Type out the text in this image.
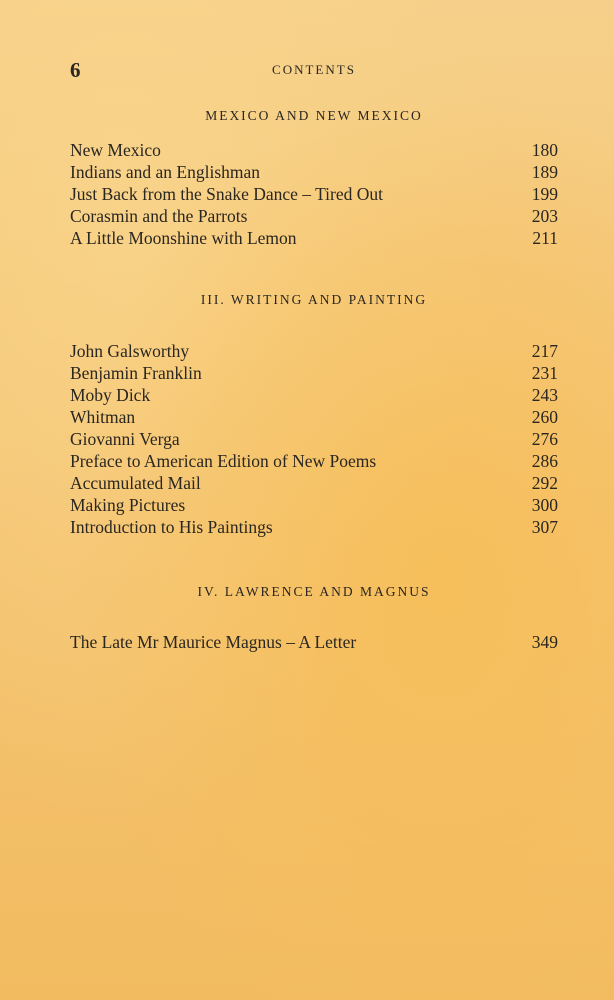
6	CONTENTS
MEXICO AND NEW MEXICO
New Mexico	180
Indians and an Englishman	189
Just Back from the Snake Dance – Tired Out	199
Corasmin and the Parrots	203
A Little Moonshine with Lemon	211
III. WRITING AND PAINTING
John Galsworthy	217
Benjamin Franklin	231
Moby Dick	243
Whitman	260
Giovanni Verga	276
Preface to American Edition of New Poems	286
Accumulated Mail	292
Making Pictures	300
Introduction to His Paintings	307
IV. LAWRENCE AND MAGNUS
The Late Mr Maurice Magnus – A Letter	349
